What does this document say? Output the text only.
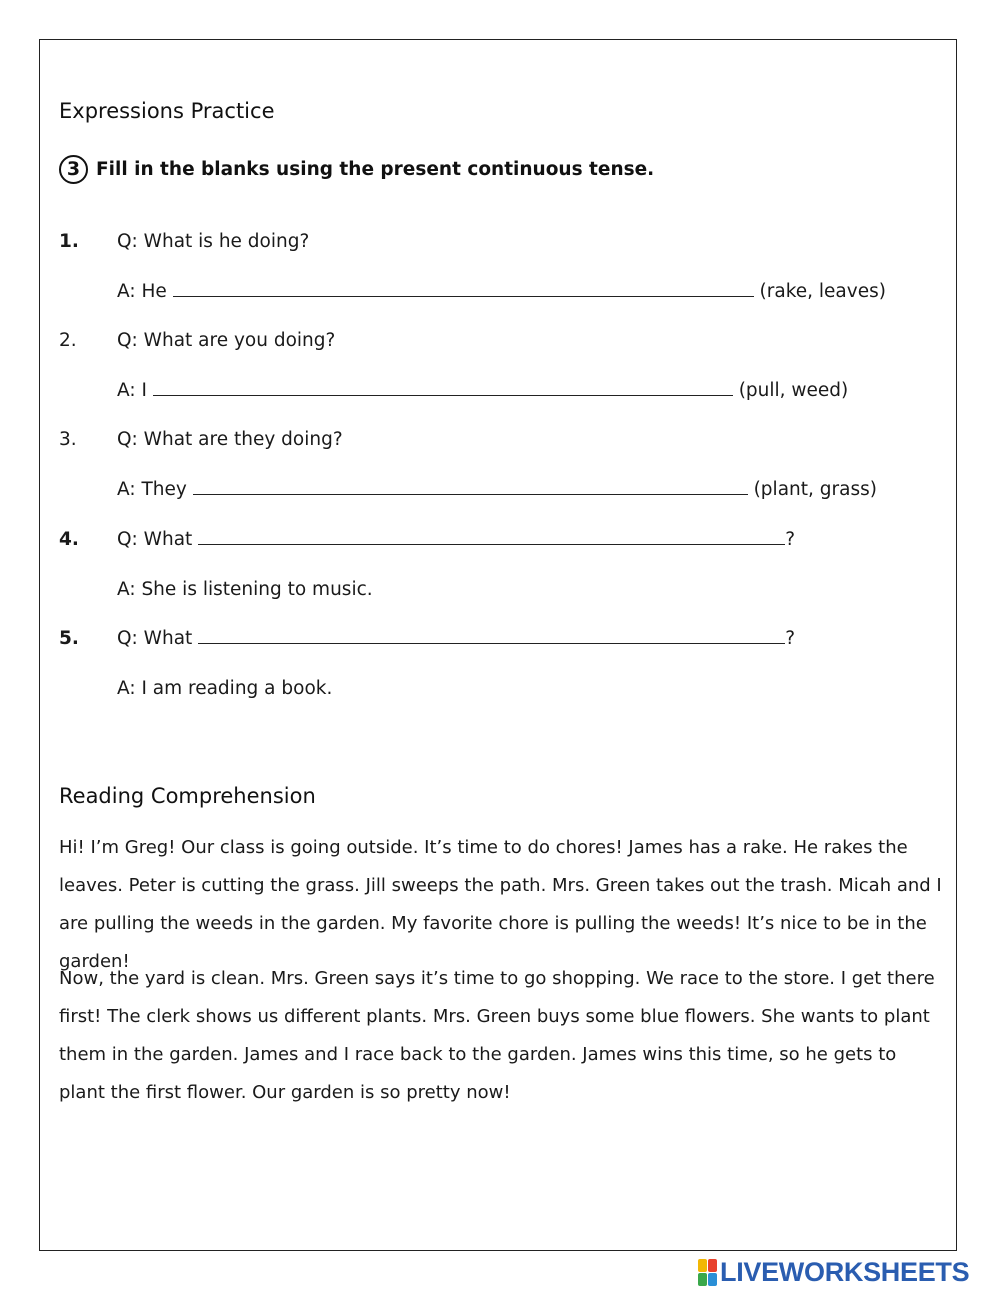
Expressions Practice
3 Fill in the blanks using the present continuous tense.
1. Q: What is he doing?
A: He	(rake, leaves)
2. Q: What are you doing?
A: I	(pull, weed)
3. Q: What are they doing?
A: They	(plant, grass)
4. Q: What	?
A: She is listening to music.
5. Q: What	?
A: I am reading a book.
Reading Comprehension
Hi! I’m Greg! Our class is going outside. It’s time to do chores! James has a rake. He rakes the leaves. Peter is cutting the grass. Jill sweeps the path. Mrs. Green takes out the trash. Micah and I are pulling the weeds in the garden. My favorite chore is pulling the weeds! It’s nice to be in the garden!
Now, the yard is clean. Mrs. Green says it’s time to go shopping. We race to the store. I get there first! The clerk shows us different plants. Mrs. Green buys some blue flowers. She wants to plant them in the garden. James and I race back to the garden. James wins this time, so he gets to plant the first flower. Our garden is so pretty now!
LIVEWORKSHEETS
